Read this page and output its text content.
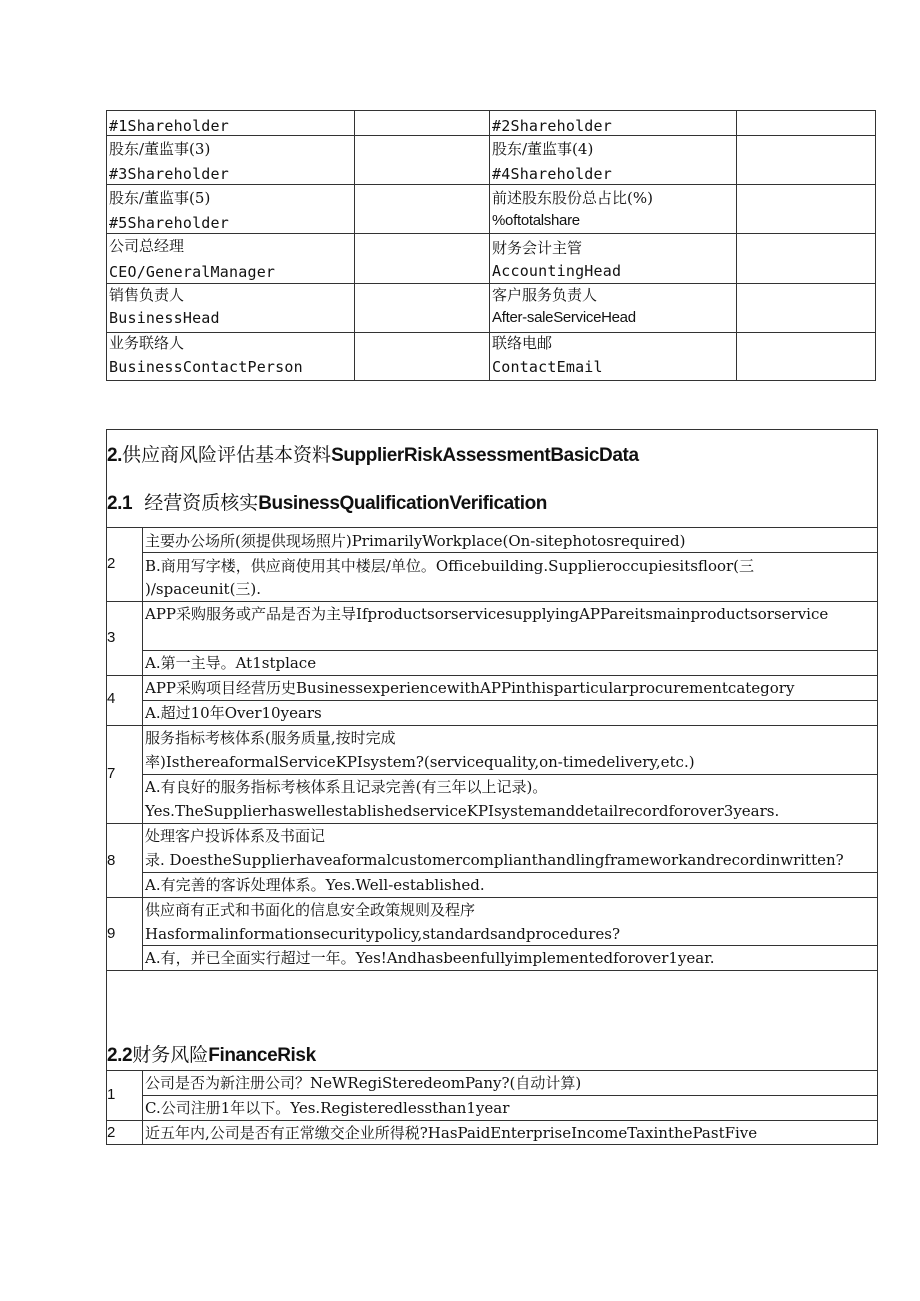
#1Shareholder	#2Shareholder
股东/董监事(3)
#3Shareholder
股东/董监事(4)
#4Shareholder
股东/董监事(5)
#5Shareholder
前述股东股份总占比(%)
%oftotalshare
公司总经理
CEO/GeneralManager
财务会计主管
AccountingHead
销售负责人
BusinessHead
客户服务负责人
After-saleServiceHead
业务联络人
BusinessContactPerson
联络电邮
ContactEmail
2.供应商风险评估基本资料SupplierRiskAssessmentBasicData
2.1 经营资质核实BusinessQualificationVerification
2
主要办公场所(须提供现场照片)PrimarilyWorkplace(On-sitephotosrequired)
B.商用写字楼，供应商使用其中楼层/单位。Officebuilding.Supplieroccupiesitsfloor(三
)∕spaceunit(三).
3
APP采购服务或产品是否为主导IfproductsorservicesupplyingAPPareitsmainproductsorservice
A.第一主导。At1stplace
4
APP采购项目经营历史BusinessexperiencewithAPPinthisparticularprocurementcategory
A.超过10年Over10years
7
服务指标考核体系(服务质量,按时完成
率)IsthereaformalServiceKPIsystem?(servicequality,on-timedelivery,etc.)
A.有良好的服务指标考核体系且记录完善(有三年以上记录)。
Yes.TheSupplierhaswellestablishedserviceKPIsystemanddetailrecordforover3years.
8
处理客户投诉体系及书面记
录. DoestheSupplierhaveaformalcustomercomplianthandlingframeworkandrecordinwritten?
A.有完善的客诉处理体系。Yes.Well-established.
9
供应商有正式和书面化的信息安全政策规则及程序
Hasformalinformationsecuritypolicy,standardsandprocedures?
A.有，并已全面实行超过一年。Yes!Andhasbeenfullyimplementedforover1year.
2.2财务风险FinanceRisk
1
公司是否为新注册公司？NeWRegiSteredeomPany?(自动计算)
C.公司注册1年以下。Yes.Registeredlessthan1year
2 近五年内,公司是否有正常缴交企业所得税?HasPaidEnterpriseIncomeTaxinthePastFive
